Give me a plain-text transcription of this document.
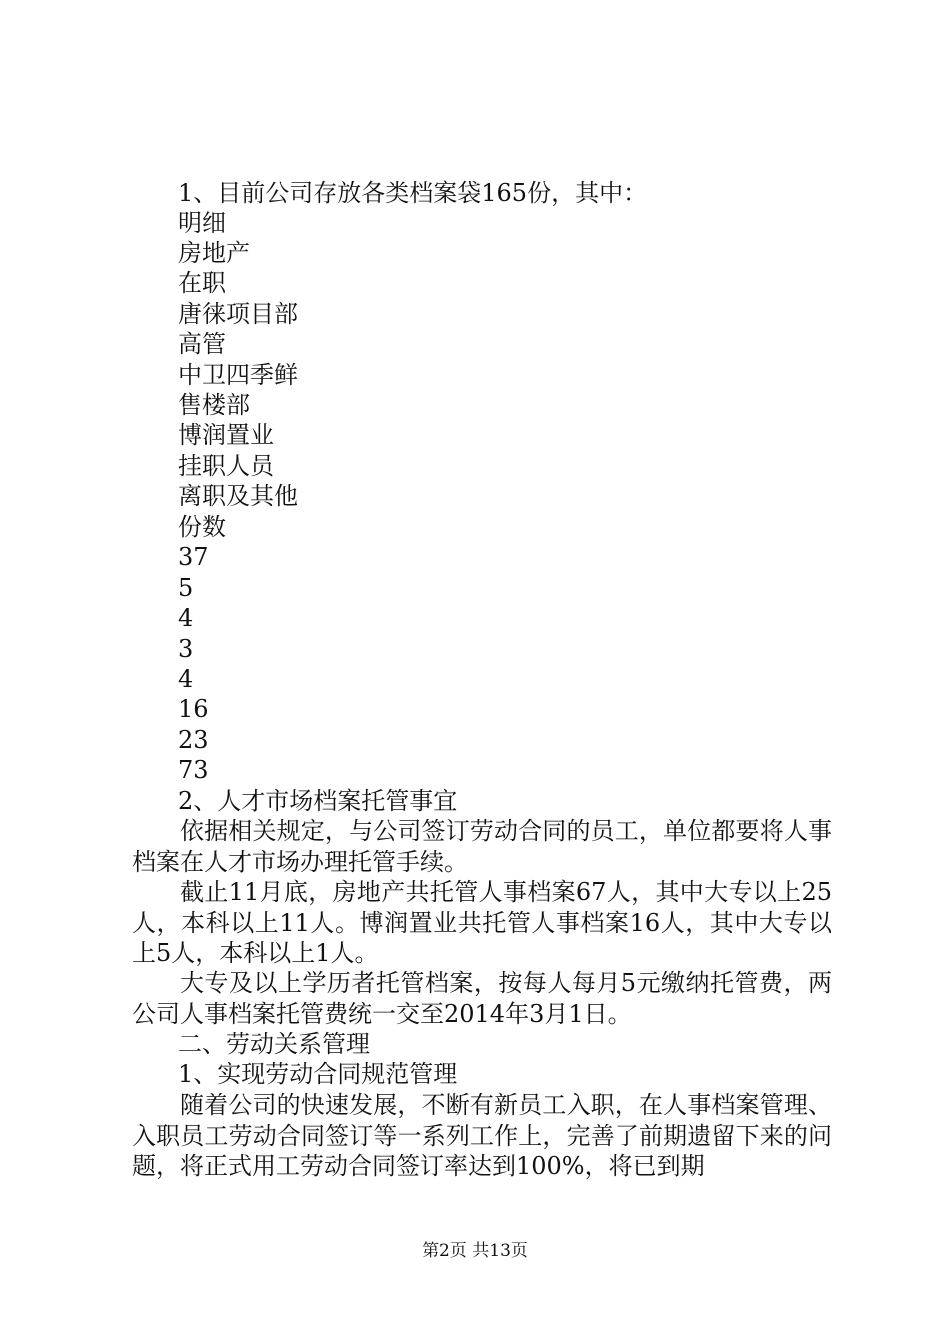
1、目前公司存放各类档案袋165份，其中：
明细
房地产
在职
唐徕项目部
高管
中卫四季鲜
售楼部
博润置业
挂职人员
离职及其他
份数
37
5
4
3
4
16
23
73
2、人才市场档案托管事宜

依据相关规定，与公司签订劳动合同的员工，单位都要将人事档案在人才市场办理托管手续。

截止11月底，房地产共托管人事档案67人，其中大专以上25人，本科以上11人。博润置业共托管人事档案16人，其中大专以上5人，本科以上1人。

大专及以上学历者托管档案，按每人每月5元缴纳托管费，两公司人事档案托管费统一交至2014年3月1日。

二、劳动关系管理
1、实现劳动合同规范管理

随着公司的快速发展，不断有新员工入职，在人事档案管理、入职员工劳动合同签订等一系列工作上，完善了前期遗留下来的问题，将正式用工劳动合同签订率达到100%，将已到期

第2页 共13页
